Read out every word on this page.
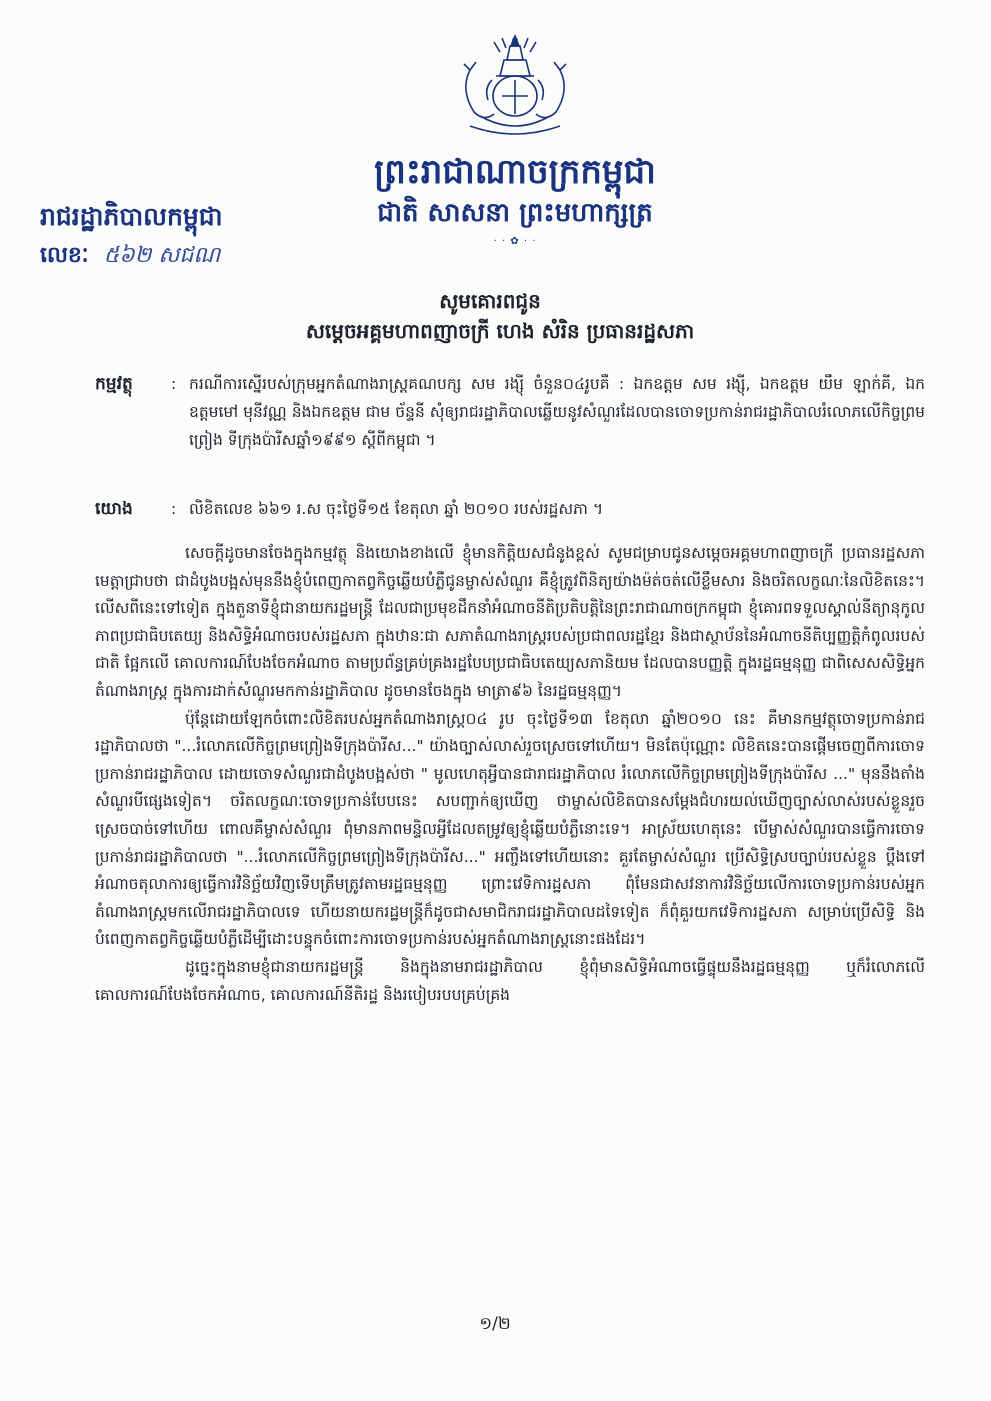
ព្រះរាជាណាចក្រកម្ពុជា
ជាតិ សាសនា ព្រះមហាក្សត្រ
· · ✿ · ·
រាជរដ្ឋាភិបាលកម្ពុជា
លេខៈ ៥៦២ សជណ
សូមគោរពជូន
សម្តេចអគ្គមហាពញាចក្រី ហេង សំរិន ប្រធានរដ្ឋសភា
កម្មវត្ថុ : ករណីការស្នើរបស់ក្រុមអ្នកតំណាងរាស្ត្រគណបក្ស សម រង្ស៊ី ចំនួន០៤រូបគឺ : ឯកឧត្តម សម រង្ស៊ី, ឯកឧត្តម យឹម ឡាក់គី, ឯកឧត្តមមៅ មុនីវណ្ណ និងឯកឧត្តម ជាម ច័ន្ទនី សុំឲ្យរាជរដ្ឋាភិបាលឆ្លើយនូវសំណួរដែលបានចោទប្រកាន់រាជរដ្ឋាភិបាលរំលោភលើកិច្ចព្រមព្រៀង ទីក្រុងប៉ារីសឆ្នាំ១៩៩១ ស្តីពីកម្ពុជា ។
យោង : លិខិតលេខ ៦៦១ រ.ស ចុះថ្ងៃទី១៥ ខែតុលា ឆ្នាំ ២០១០ របស់រដ្ឋសភា ។

សេចក្តីដូចមានចែងក្នុងកម្មវត្ថុ និងយោងខាងលើ ខ្ញុំមានកិត្តិយសជំនូងខ្ពស់ សូមជម្រាបជូនសម្តេចអគ្គមហាពញាចក្រី ប្រធានរដ្ឋសភា មេត្តាជ្រាបថា ជាដំបូងបង្អស់មុននឹងខ្ញុំបំពេញកាតព្វកិច្ចឆ្លើយបំភ្លឺជូនម្ចាស់សំណួរ គឺខ្ញុំត្រូវពិនិត្យយ៉ាងម៉ត់ចត់លើខ្លឹមសារ និងចរិតលក្ខណៈនៃលិខិតនេះ។ លើសពីនេះទៅទៀត ក្នុងតួនាទីខ្ញុំជានាយករដ្ឋមន្ត្រី ដែលជាប្រមុខដឹកនាំអំណាចនីតិប្រតិបត្តិនៃព្រះរាជាណាចក្រកម្ពុជា ខ្ញុំគោរពទទួលស្គាល់នីត្យានុកូលភាពប្រជាធិបតេយ្យ និងសិទ្ធិអំណាចរបស់រដ្ឋសភា ក្នុងឋានៈជា សភាតំណាងរាស្ត្ររបស់ប្រជាពលរដ្ឋខ្មែរ និងជាស្ថាប័ននៃអំណាចនីតិប្បញ្ញត្តិកំពូលរបស់ជាតិ ផ្អែកលើ គោលការណ៍បែងចែកអំណាច តាមប្រព័ន្ធគ្រប់គ្រងរដ្ឋបែបប្រជាធិបតេយ្យសភានិយម ដែលបានបញ្ញត្តិ ក្នុងរដ្ឋធម្មនុញ្ញ ជាពិសេសសិទ្ធិអ្នកតំណាងរាស្ត្រ ក្នុងការដាក់សំណួរមកកាន់រដ្ឋាភិបាល ដូចមានចែងក្នុង មាត្រា៩៦ នៃរដ្ឋធម្មនុញ្ញ។

ប៉ុន្តែដោយឡែកចំពោះលិខិតរបស់អ្នកតំណាងរាស្ត្រ០៤ រូប ចុះថ្ងៃទី១៣ ខែតុលា ឆ្នាំ២០១០ នេះ គឺមានកម្មវត្ថុចោទប្រកាន់រាជរដ្ឋាភិបាលថា "...រំលោភលើកិច្ចព្រមព្រៀងទីក្រុងប៉ារីស..." យ៉ាងច្បាស់លាស់រួចស្រេចទៅហើយ។ មិនតែប៉ុណ្ណោះ លិខិតនេះបានផ្តើមចេញពីការចោទប្រកាន់រាជរដ្ឋាភិបាល ដោយចោទសំណួរជាដំបូងបង្អស់ថា " មូលហេតុអ្វីបានជារាជរដ្ឋាភិបាល រំលោភលើកិច្ចព្រមព្រៀងទីក្រុងប៉ារីស ..." មុននឹងតាំងសំណួរបីផ្សេងទៀត។ ចរិតលក្ខណៈចោទប្រកាន់បែបនេះ សបញ្ជាក់ឲ្យឃើញ ថាម្ចាស់លិខិតបានសម្តែងជំហរយល់ឃើញច្បាស់លាស់របស់ខ្លួនរួចស្រេចបាច់ទៅហើយ ពោលគឺម្ចាស់សំណួរ ពុំមានភាពមន្ទិលអ្វីដែលតម្រូវឲ្យខ្ញុំឆ្លើយបំភ្លឺនោះទេ។ អាស្រ័យហេតុនេះ បើម្ចាស់សំណួរបានធ្វើការចោទប្រកាន់រាជរដ្ឋាភិបាលថា "...រំលោភលើកិច្ចព្រមព្រៀងទីក្រុងប៉ារីស..." អញ្ចឹងទៅហើយនោះ គួរតែម្ចាស់សំណួរ ប្រើសិទ្ធិស្របច្បាប់របស់ខ្លួន ប្តឹងទៅអំណាចតុលាការឲ្យធ្វើការវិនិច្ឆ័យវិញទើបត្រឹមត្រូវតាមរដ្ឋធម្មនុញ្ញ ព្រោះវេទិការដ្ឋសភា ពុំមែនជាសវនាការវិនិច្ឆ័យលើការចោទប្រកាន់របស់អ្នកតំណាងរាស្ត្រមកលើរាជរដ្ឋាភិបាលទេ ហើយនាយករដ្ឋមន្ត្រីក៏ដូចជាសមាជិករាជរដ្ឋាភិបាលដទៃទៀត ក៏ពុំគួរយកវេទិការដ្ឋសភា សម្រាប់ប្រើសិទ្ធិ និងបំពេញកាតព្វកិច្ចឆ្លើយបំភ្លឺដើម្បីដោះបន្ទុកចំពោះការចោទប្រកាន់របស់អ្នកតំណាងរាស្ត្រនោះផងដែរ។

ដូច្នេះក្នុងនាមខ្ញុំជានាយករដ្ឋមន្ត្រី និងក្នុងនាមរាជរដ្ឋាភិបាល ខ្ញុំពុំមានសិទ្ធិអំណាចធ្វើផ្ទុយនឹងរដ្ឋធម្មនុញ្ញ ឬក៏រំលោភលើគោលការណ៍បែងចែកអំណាច, គោលការណ៍នីតិរដ្ឋ និងរបៀបរបបគ្រប់គ្រង

១/២
